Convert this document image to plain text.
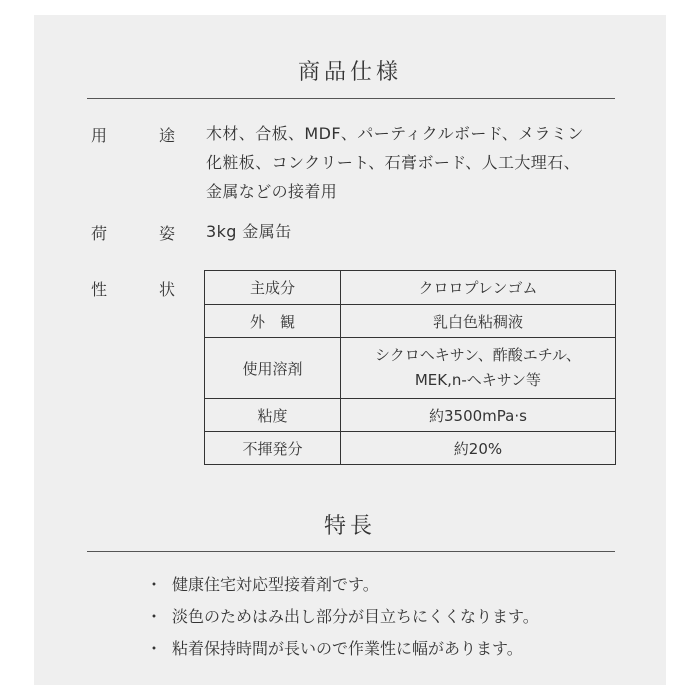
商品仕様
用	途 木材、合板、MDF、パーティクルボード、メラミン
化粧板、コンクリート、石膏ボード、人工大理石、
金属などの接着用
荷	姿 3kg 金属缶
性	状	主成分	クロロプレンゴム
外　観	乳白色粘稠液
使用溶剤	シクロヘキサン、酢酸エチル、
MEK,n-ヘキサン等

粘度	約3500mPa·s
不揮発分	約20%
特長
・ 健康住宅対応型接着剤です。
・ 淡色のためはみ出し部分が目立ちにくくなります。
・ 粘着保持時間が長いので作業性に幅があります。
